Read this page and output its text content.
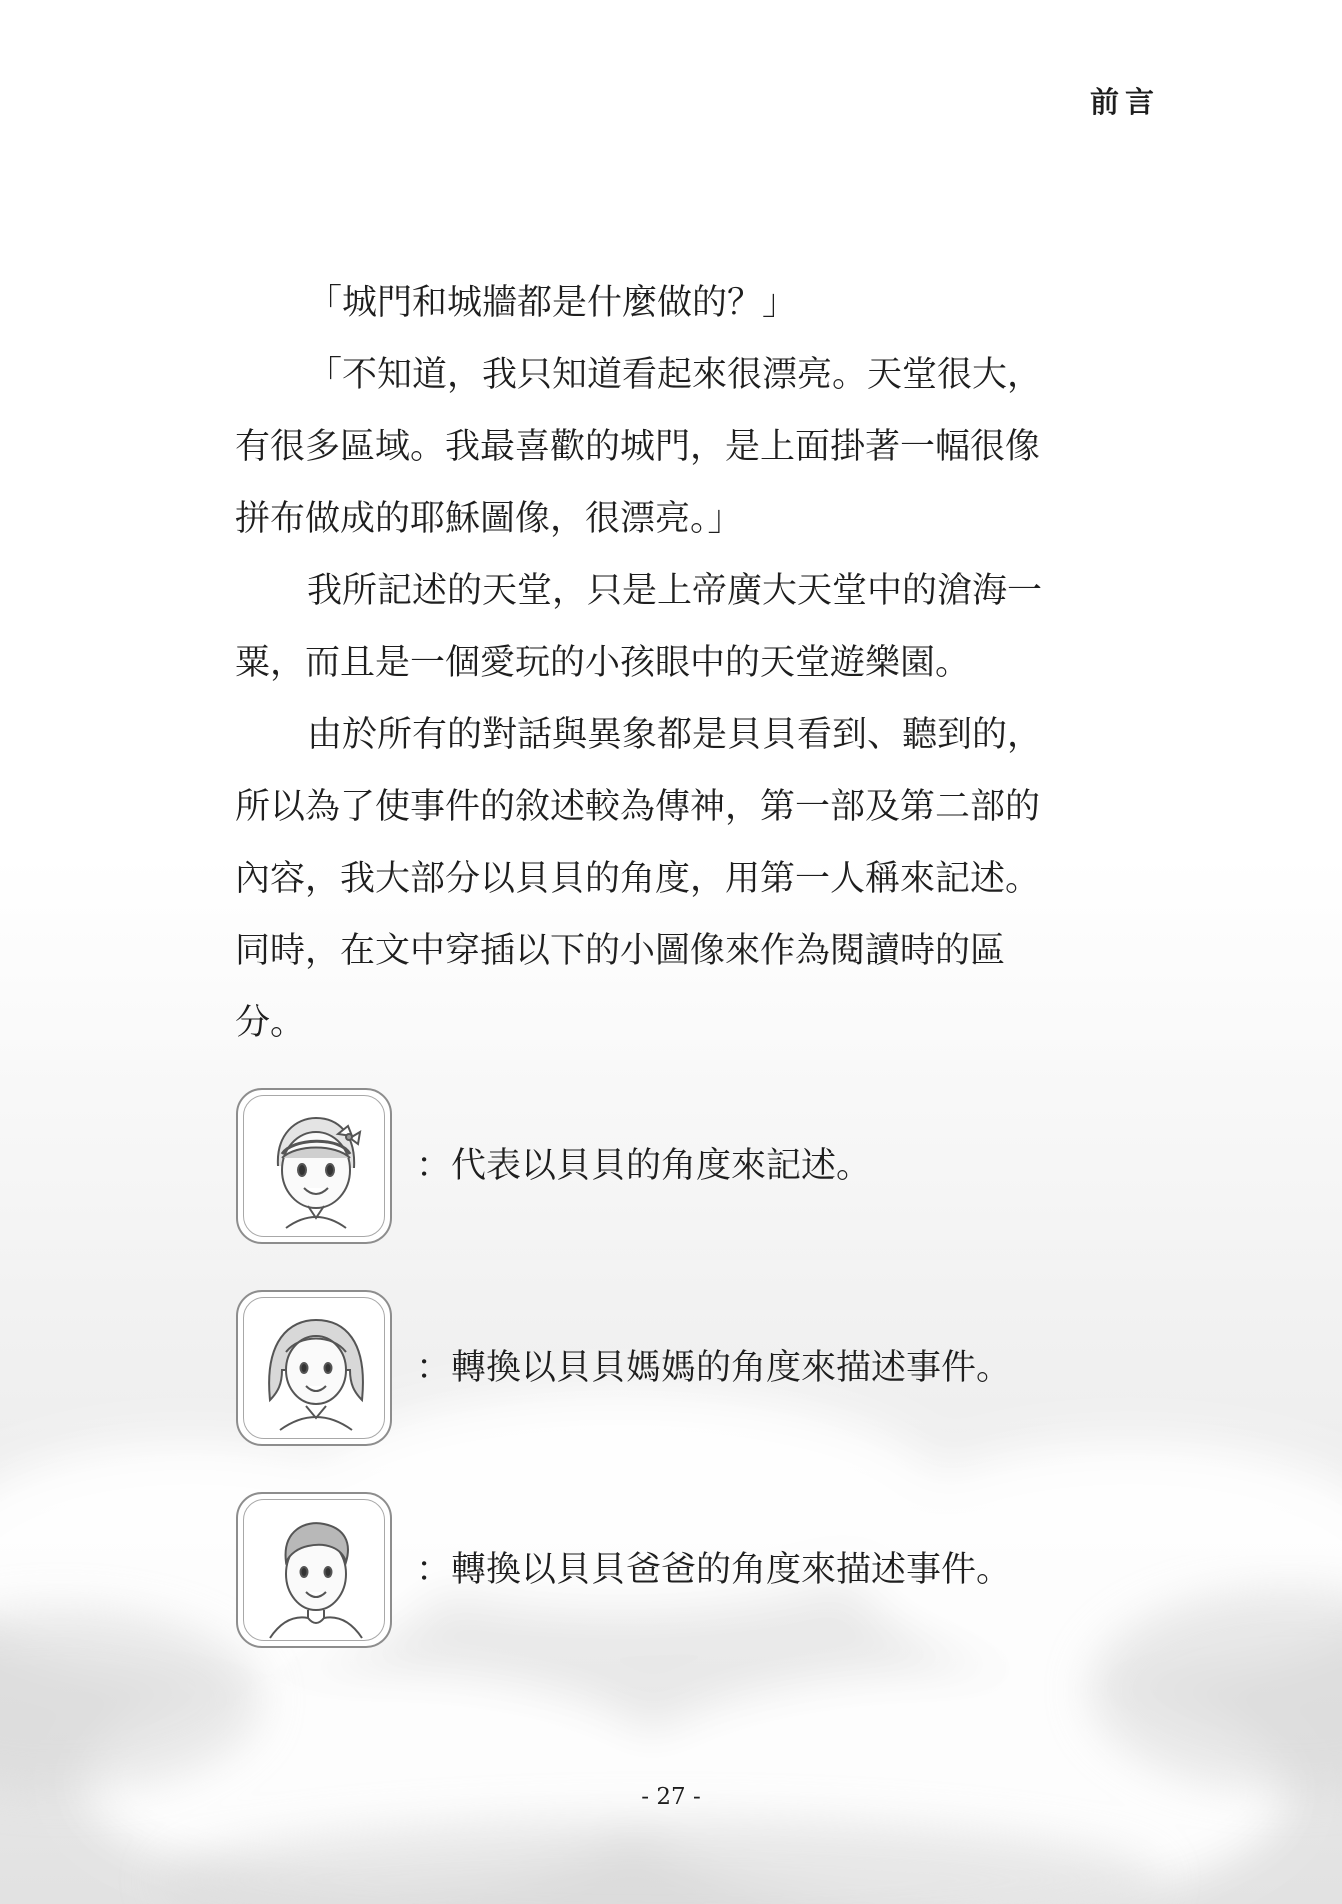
前言
「城門和城牆都是什麼做的？」
「不知道，我只知道看起來很漂亮。天堂很大，
有很多區域。我最喜歡的城門，是上面掛著一幅很像
拼布做成的耶穌圖像，很漂亮。」
我所記述的天堂，只是上帝廣大天堂中的滄海一
粟，而且是一個愛玩的小孩眼中的天堂遊樂園。
由於所有的對話與異象都是貝貝看到、聽到的，
所以為了使事件的敘述較為傳神，第一部及第二部的
內容，我大部分以貝貝的角度，用第一人稱來記述。
同時，在文中穿插以下的小圖像來作為閱讀時的區
分。
：代表以貝貝的角度來記述。
：轉換以貝貝媽媽的角度來描述事件。
：轉換以貝貝爸爸的角度來描述事件。
- 27 -
